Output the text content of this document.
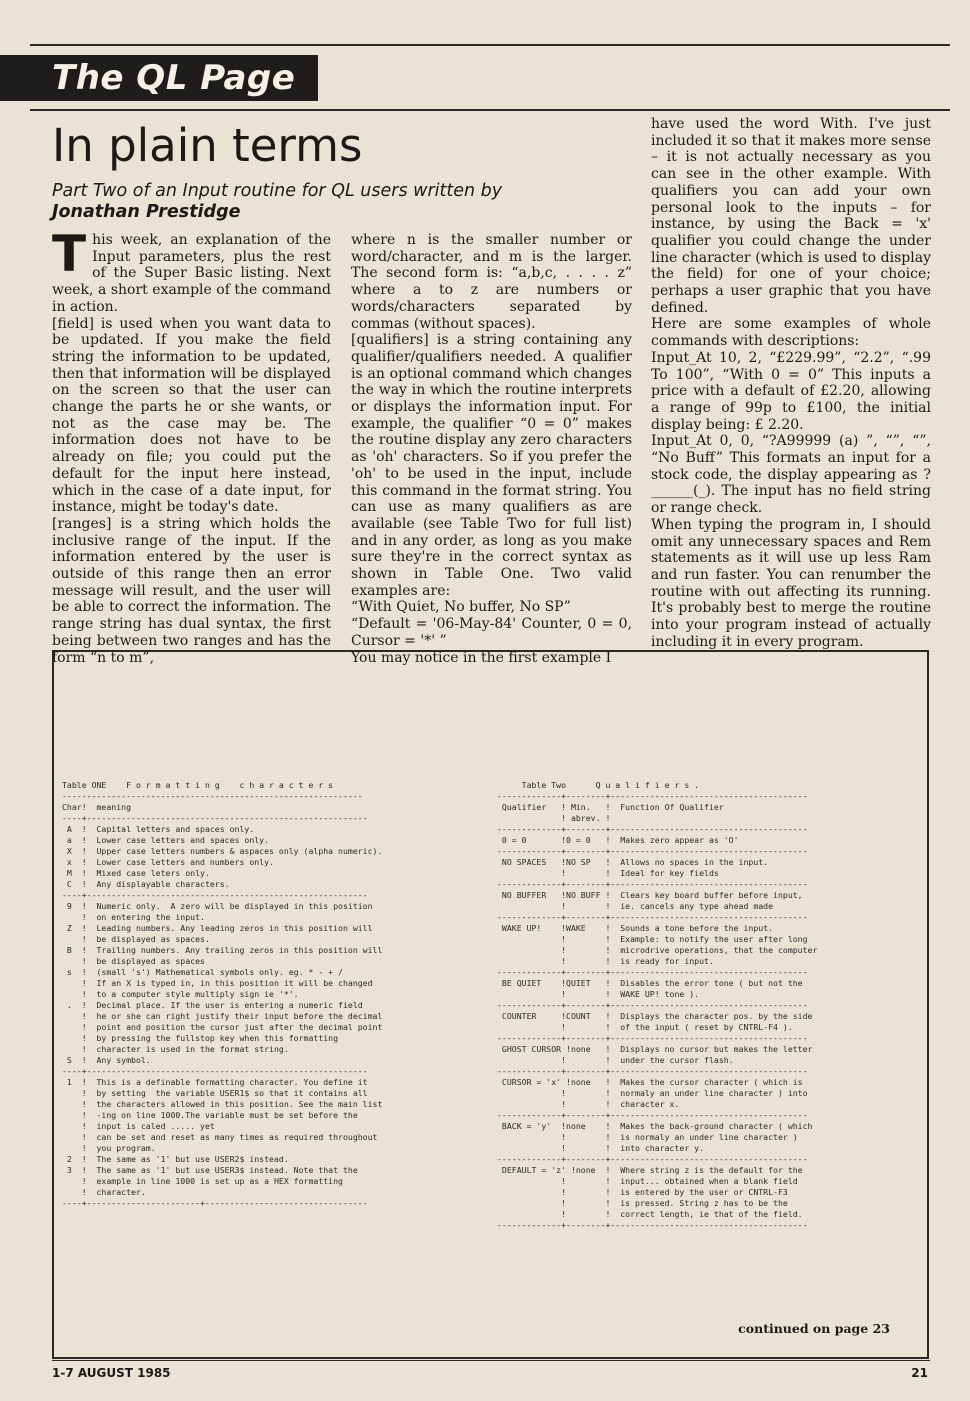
The QL Page
In plain terms
Part Two of an Input routine for QL users written by
Jonathan Prestidge
T his week, an explanation of the Input parameters, plus the rest of the Super Basic listing. Next week, a short example of the command in action.

[field] is used when you want data to be updated. If you make the field string the information to be updated, then that information will be displayed on the screen so that the user can change the parts he or she wants, or not as the case may be. The information does not have to be already on file; you could put the default for the input here instead, which in the case of a date input, for instance, might be today's date.

[ranges] is a string which holds the inclusive range of the input. If the information entered by the user is outside of this range then an error message will result, and the user will be able to correct the information. The range string has dual syntax, the first being between two ranges and has the form “n to m”,

where n is the smaller number or word/character, and m is the larger. The second form is: “a,b,c, . . . . z” where a to z are numbers or words/characters separated by commas (without spaces).

[qualifiers] is a string containing any qualifier/qualifiers needed. A qualifier is an optional command which changes the way in which the routine interprets or displays the information input. For example, the qualifier “0 = 0” makes the routine display any zero characters as 'oh' characters. So if you prefer the 'oh' to be used in the input, include this command in the format string. You can use as many qualifiers as are available (see Table Two for full list) and in any order, as long as you make sure they're in the correct syntax as shown in Table One. Two valid examples are:

“With Quiet, No buffer, No SP”

“Default = '06-May-84' Counter, 0 = 0, Cursor = '*' ”

You may notice in the first example I

have used the word With. I've just included it so that it makes more sense – it is not actually necessary as you can see in the other example. With qualifiers you can add your own personal look to the inputs – for instance, by using the Back = 'x' qualifier you could change the under line character (which is used to display the field) for one of your choice; perhaps a user graphic that you have defined.

Here are some examples of whole commands with descriptions:

Input_At 10, 2, “£229.99”, “2.2”, “.99 To 100”, “With 0 = 0” This inputs a price with a default of £2.20, allowing a range of 99p to £100, the initial display being: £ 2.20.

Input_At 0, 0, “?A99999 (a) ”, “”, “”, “No Buff” This formats an input for a stock code, the display appearing as ? ______(_). The input has no field string or range check.

When typing the program in, I should omit any unnecessary spaces and Rem statements as it will use up less Ram and run faster. You can renumber the routine with out affecting its running. It's probably best to merge the routine into your program instead of actually including it in every program.

Table ONE    F o r m a t t i n g    c h a r a c t e r s
-------------------------------------------------------------
Char!  meaning
----+---------------------------------------------------------
A  !  Capital letters and spaces only.
a  !  Lower case letters and spaces only.
X  !  Upper case letters numbers & aspaces only (alpha numeric).
x  !  Lower case letters and numbers only.
M  !  Mixed case leters only.
C  !  Any displayable characters.
----+---------------------------------------------------------
9  !  Numeric only.  A zero will be displayed in this position
!  on entering the input.
Z  !  Leading numbers. Any leading zeros in this position will
!  be displayed as spaces.
B  !  Trailing numbers. Any trailing zeros in this position will
!  be displayed as spaces
s  !  (small 's') Mathematical symbols only. eg. * - + /
!  If an X is typed in, in this position it will be changed
!  to a computer style multiply sign ie '*'.
.  !  Decimal place. If the user is entering a numeric field
!  he or she can right justify their input before the decimal
!  point and position the cursor just after the decimal point
!  by pressing the fullstop key when this formatting
!  character is used in the format string.
S  !  Any symbol.
----+---------------------------------------------------------
1  !  This is a definable formatting character. You define it
!  by setting  the variable USER1$ so that it contains all
!  the characters allowed in this position. See the main list
!  -ing on line 1000.The variable must be set before the
!  input is caled ..... yet
!  can be set and reset as many times as required throughout
!  you program.
2  !  The same as '1' but use USER2$ instead.
3  !  The same as '1' but use USER3$ instead. Note that the
!  example in line 1000 is set up as a HEX formatting
!  character.
----+-----------------------+---------------------------------
Table Two      Q u a l i f i e r s .
-------------+--------+----------------------------------------
Qualifier   ! Min.   !  Function Of Qualifier
! abrev. !
-------------+--------+----------------------------------------
0 = 0       !0 = 0   !  Makes zero appear as 'O'
-------------+--------+----------------------------------------
NO SPACES   !NO SP   !  Allows no spaces in the input.
!        !  Ideal for key fields
-------------+--------+----------------------------------------
NO BUFFER   !NO BUFF !  Clears key board buffer before input,
!        !  ie. cancels any type ahead made
-------------+--------+----------------------------------------
WAKE UP!    !WAKE    !  Sounds a tone before the input.
!        !  Example: to notify the user after long
!        !  microdrive operations, that the computer
!        !  is ready for input.
-------------+--------+----------------------------------------
BE QUIET    !QUIET   !  Disables the error tone ( but not the
!        !  WAKE UP! tone ).
-------------+--------+----------------------------------------
COUNTER     !COUNT   !  Displays the character pos. by the side
!        !  of the input ( reset by CNTRL-F4 ).
-------------+--------+----------------------------------------
GHOST CURSOR !none   !  Displays no cursor but makes the letter
!        !  under the cursor flash.
-------------+--------+----------------------------------------
CURSOR = 'x' !none   !  Makes the cursor character ( which is
!        !  normaly an under line character ) into
!        !  character x.
-------------+--------+----------------------------------------
BACK = 'y'  !none    !  Makes the back-ground character ( which
!        !  is normaly an under line character )
!        !  into character y.
-------------+--------+----------------------------------------
DEFAULT = 'z' !none  !  Where string z is the default for the
!        !  input... obtained when a blank field
!        !  is entered by the user or CNTRL-F3
!        !  is pressed. String z has to be the
!        !  correct length, ie that of the field.
-------------+--------+----------------------------------------
continued on page 23
1-7 AUGUST 1985	21
